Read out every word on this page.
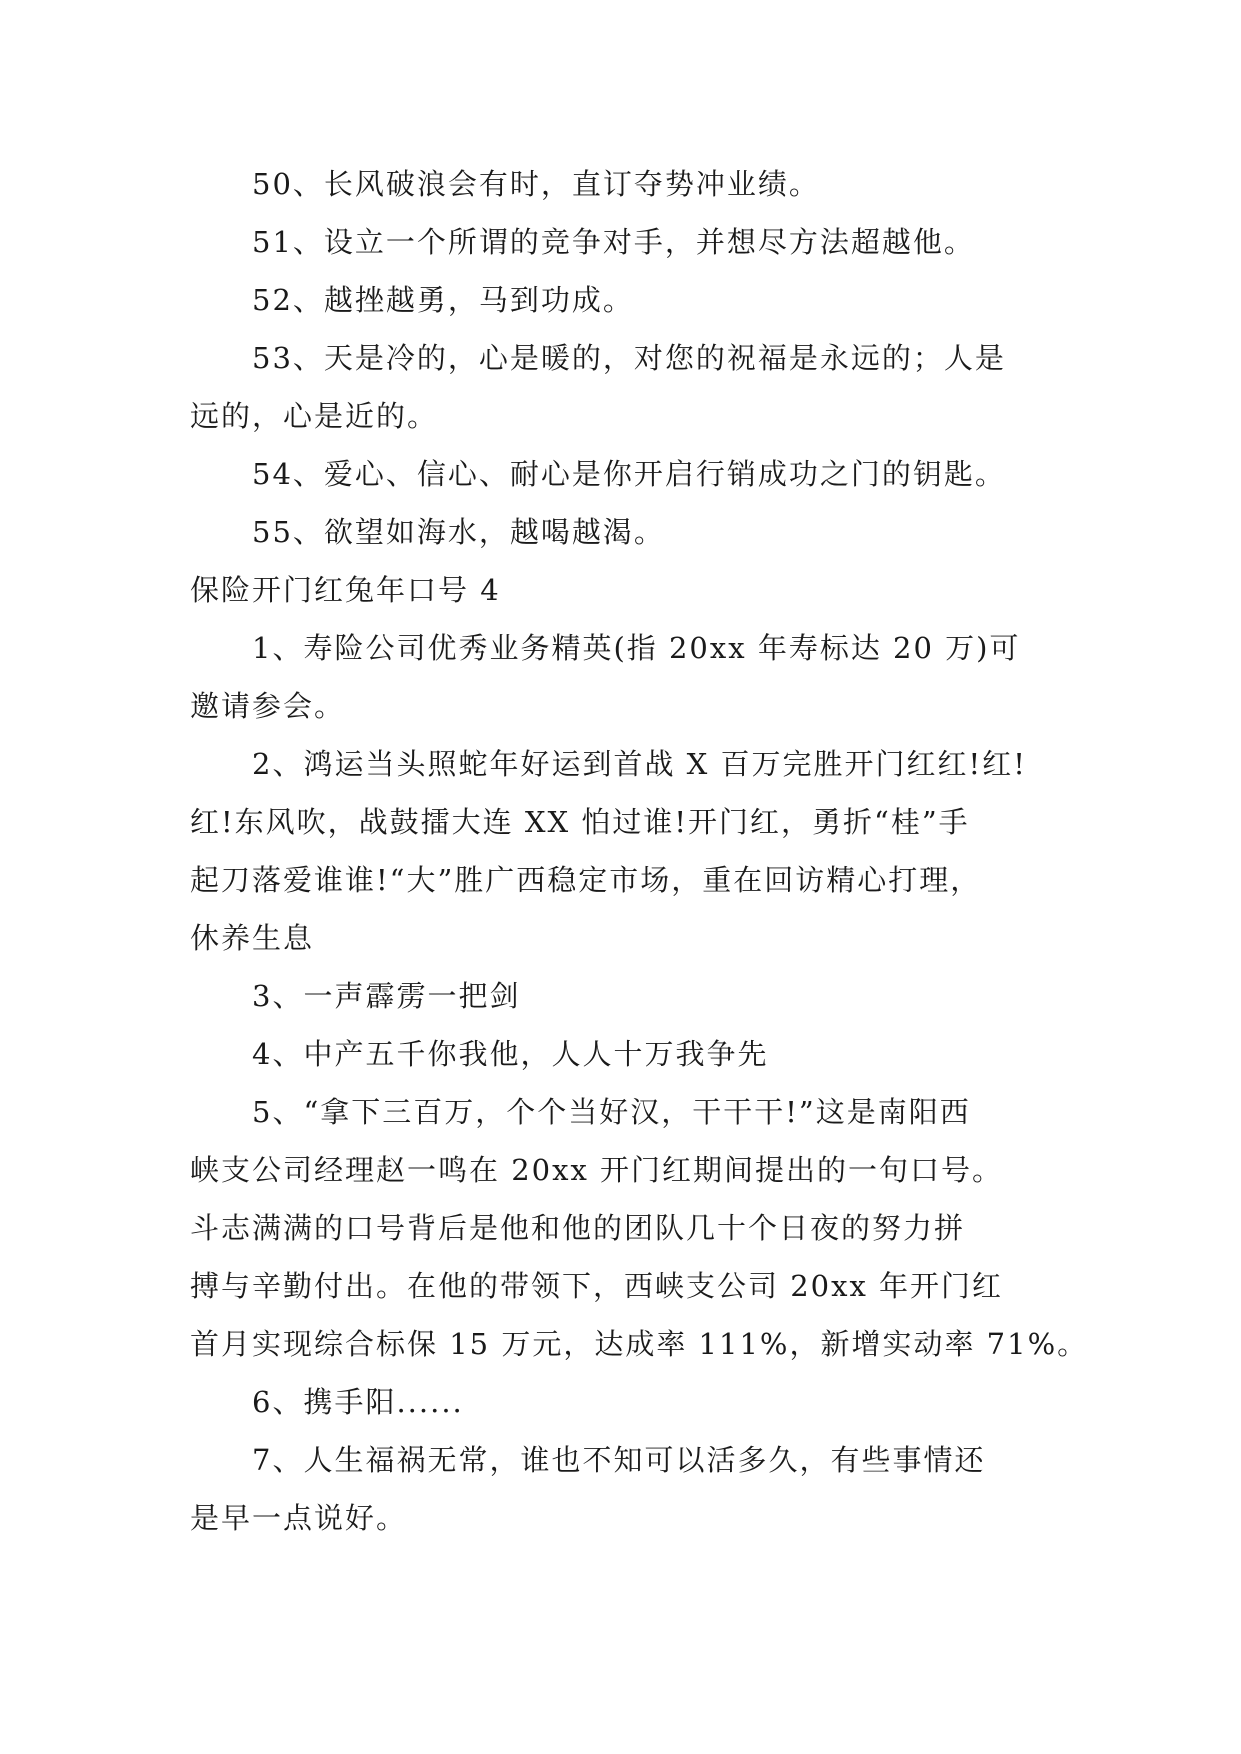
50、长风破浪会有时，直订夺势冲业绩。

51、设立一个所谓的竞争对手，并想尽方法超越他。

52、越挫越勇，马到功成。

53、天是冷的，心是暖的，对您的祝福是永远的；人是
远的，心是近的。

54、爱心、信心、耐心是你开启行销成功之门的钥匙。

55、欲望如海水，越喝越渴。

保险开门红兔年口号 4

1、寿险公司优秀业务精英(指 20xx 年寿标达 20 万)可
邀请参会。

2、鸿运当头照蛇年好运到首战 X 百万完胜开门红红!红!
红!东风吹，战鼓擂大连 XX 怕过谁!开门红，勇折“桂”手
起刀落爱谁谁!“大”胜广西稳定市场，重在回访精心打理，
休养生息

3、一声霹雳一把剑

4、中产五千你我他，人人十万我争先

5、“拿下三百万，个个当好汉，干干干!”这是南阳西
峡支公司经理赵一鸣在 20xx 开门红期间提出的一句口号。
斗志满满的口号背后是他和他的团队几十个日夜的努力拼
搏与辛勤付出。在他的带领下，西峡支公司 20xx 年开门红
首月实现综合标保 15 万元，达成率 111%，新增实动率 71%。

6、携手阳......

7、人生福祸无常，谁也不知可以活多久，有些事情还
是早一点说好。
